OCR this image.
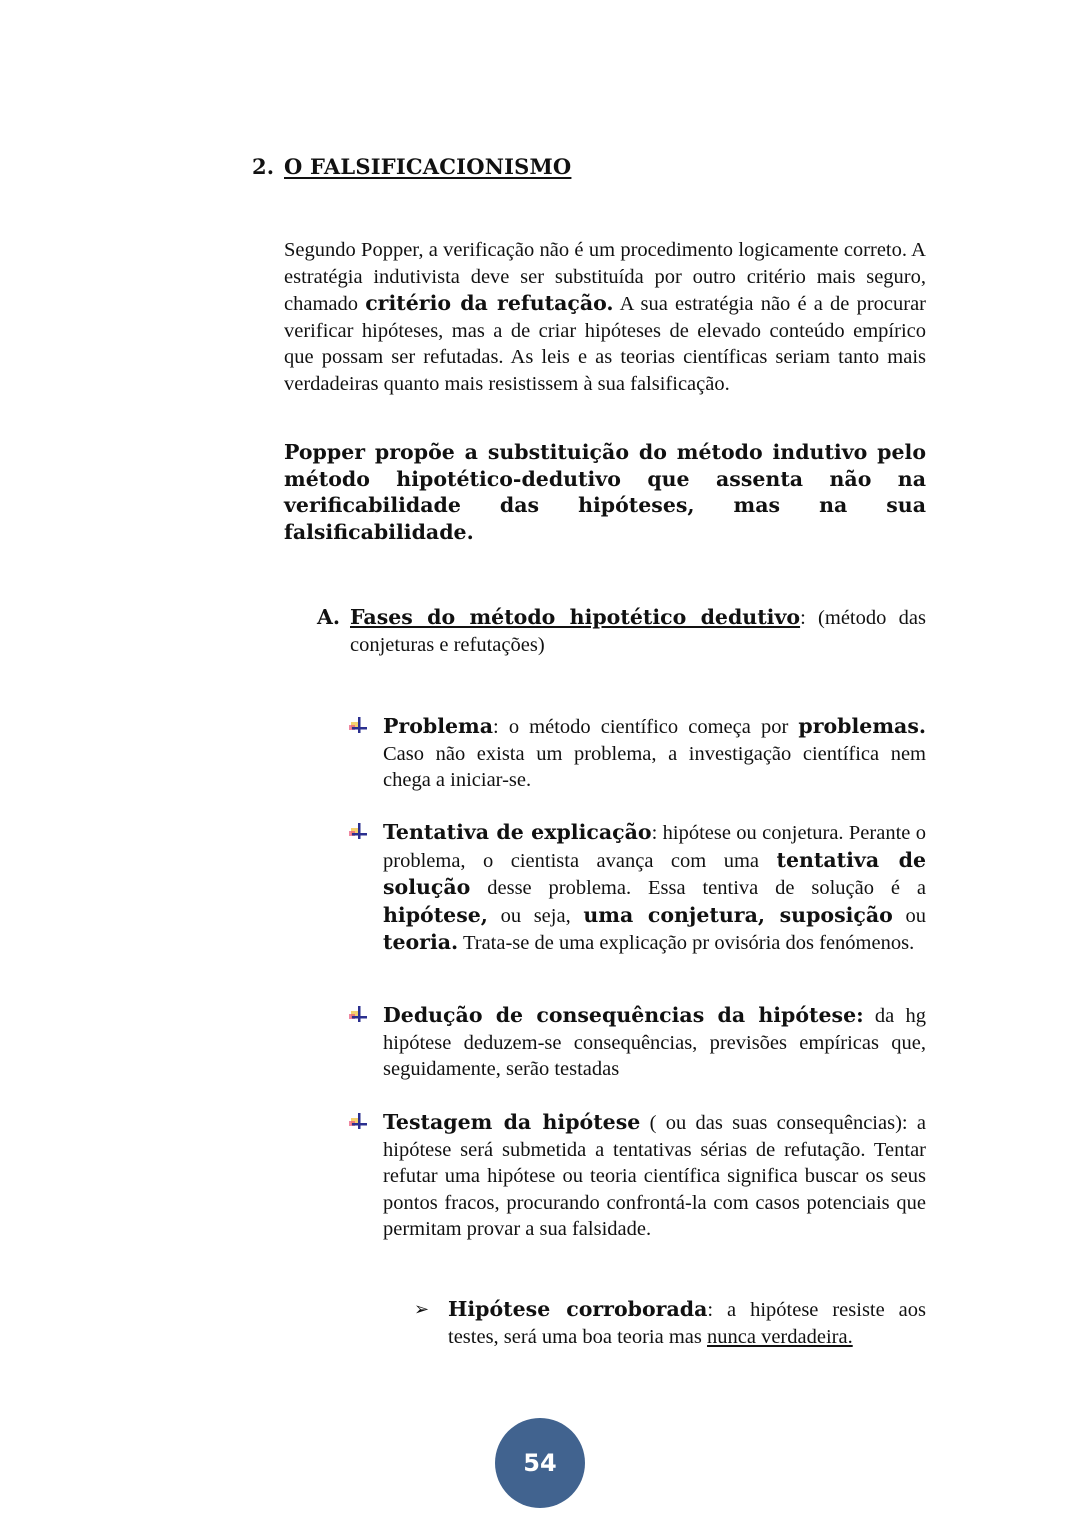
2. O FALSIFICACIONISMO
Segundo Popper, a verificação não é um procedimento logicamente correto. A estratégia indutivista deve ser substituída por outro critério mais seguro, chamado critério da refutação. A sua estratégia não é a de procurar verificar hipóteses, mas a de criar hipóteses de elevado conteúdo empírico que possam ser refutadas. As leis e as teorias científicas seriam tanto mais verdadeiras quanto mais resistissem à sua falsificação.
Popper propõe a substituição do método indutivo pelo método hipotético-dedutivo que assenta não na verificabilidade das hipóteses, mas na sua falsificabilidade.
A. Fases do método hipotético dedutivo: (método das conjeturas e refutações)
Problema: o método científico começa por problemas. Caso não exista um problema, a investigação científica nem chega a iniciar-se.
Tentativa de explicação: hipótese ou conjetura. Perante o problema, o cientista avança com uma tentativa de solução desse problema. Essa tentiva de solução é a hipótese, ou seja, uma conjetura, suposição ou teoria. Trata-se de uma explicação pr ovisória dos fenómenos.
Dedução de consequências da hipótese: da hg hipótese deduzem-se consequências, previsões empíricas que, seguidamente, serão testadas
Testagem da hipótese ( ou das suas consequências): a hipótese será submetida a tentativas sérias de refutação. Tentar refutar uma hipótese ou teoria científica significa buscar os seus pontos fracos, procurando confrontá-la com casos potenciais que permitam provar a sua falsidade.
➢ Hipótese corroborada: a hipótese resiste aos testes, será uma boa teoria mas nunca verdadeira.
54
